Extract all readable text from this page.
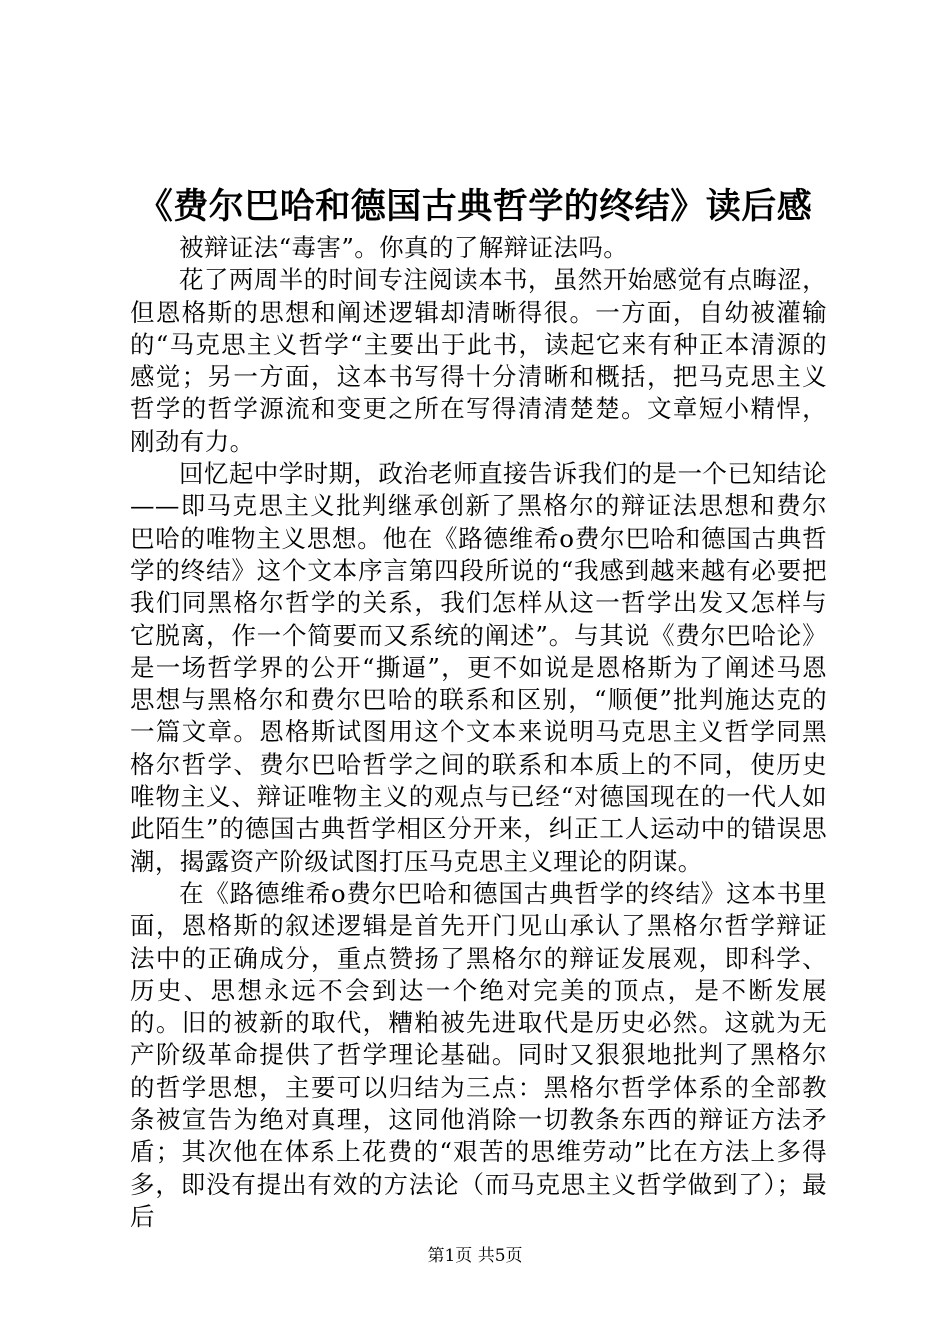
《费尔巴哈和德国古典哲学的终结》读后感

被辩证法“毒害”。你真的了解辩证法吗。

花了两周半的时间专注阅读本书，虽然开始感觉有点晦涩，但恩格斯的思想和阐述逻辑却清晰得很。一方面，自幼被灌输的“马克思主义哲学“主要出于此书，读起它来有种正本清源的感觉；另一方面，这本书写得十分清晰和概括，把马克思主义哲学的哲学源流和变更之所在写得清清楚楚。文章短小精悍，刚劲有力。

回忆起中学时期，政治老师直接告诉我们的是一个已知结论——即马克思主义批判继承创新了黑格尔的辩证法思想和费尔巴哈的唯物主义思想。他在《路德维希o费尔巴哈和德国古典哲学的终结》这个文本序言第四段所说的“我感到越来越有必要把我们同黑格尔哲学的关系，我们怎样从这一哲学出发又怎样与它脱离，作一个简要而又系统的阐述”。与其说《费尔巴哈论》是一场哲学界的公开“撕逼”，更不如说是恩格斯为了阐述马恩思想与黑格尔和费尔巴哈的联系和区别，“顺便”批判施达克的一篇文章。恩格斯试图用这个文本来说明马克思主义哲学同黑格尔哲学、费尔巴哈哲学之间的联系和本质上的不同，使历史唯物主义、辩证唯物主义的观点与已经“对德国现在的一代人如此陌生”的德国古典哲学相区分开来，纠正工人运动中的错误思潮，揭露资产阶级试图打压马克思主义理论的阴谋。

在《路德维希o费尔巴哈和德国古典哲学的终结》这本书里面，恩格斯的叙述逻辑是首先开门见山承认了黑格尔哲学辩证法中的正确成分，重点赞扬了黑格尔的辩证发展观，即科学、历史、思想永远不会到达一个绝对完美的顶点，是不断发展的。旧的被新的取代，糟粕被先进取代是历史必然。这就为无产阶级革命提供了哲学理论基础。同时又狠狠地批判了黑格尔的哲学思想，主要可以归结为三点：黑格尔哲学体系的全部教条被宣告为绝对真理，这同他消除一切教条东西的辩证方法矛盾；其次他在体系上花费的“艰苦的思维劳动”比在方法上多得多，即没有提出有效的方法论（而马克思主义哲学做到了）；最后

第1页 共5页
